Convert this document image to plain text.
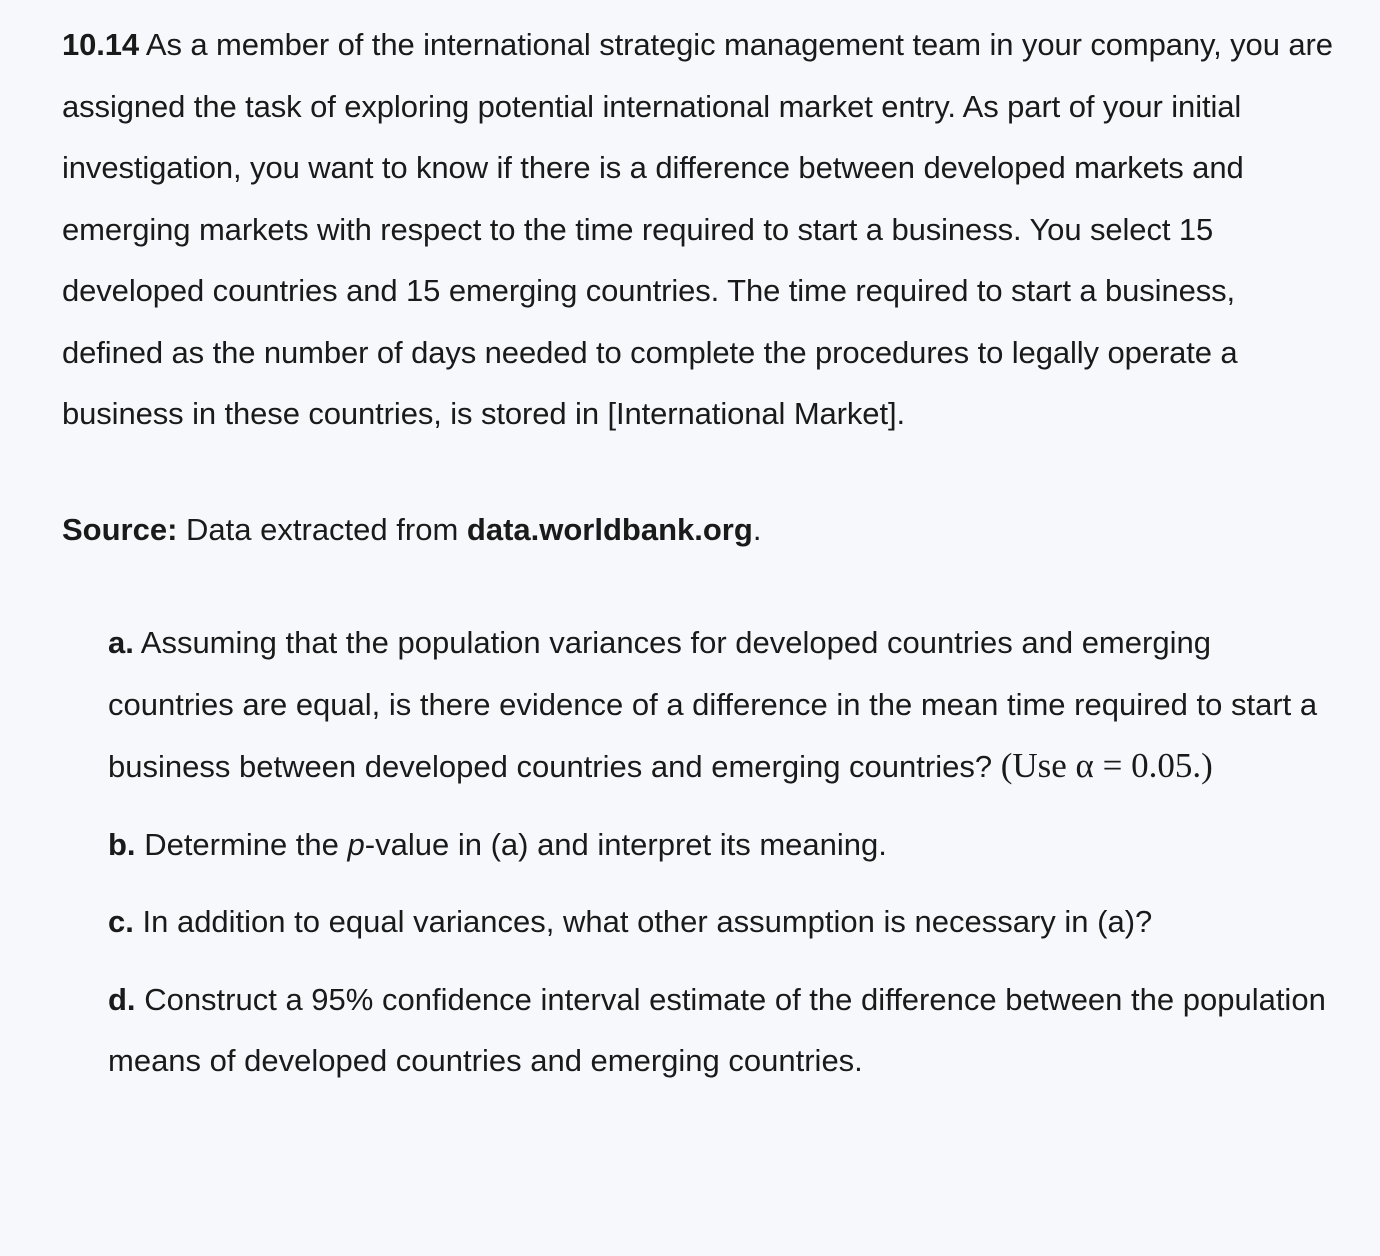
10.14 As a member of the international strategic management team in your company, you are assigned the task of exploring potential international market entry. As part of your initial investigation, you want to know if there is a difference between developed markets and emerging markets with respect to the time required to start a business. You select 15 developed countries and 15 emerging countries. The time required to start a business, defined as the number of days needed to complete the procedures to legally operate a business in these countries, is stored in [International Market].

Source: Data extracted from data.worldbank.org.

a. Assuming that the population variances for developed countries and emerging countries are equal, is there evidence of a difference in the mean time required to start a business between developed countries and emerging countries? (Use α = 0.05.)
b. Determine the p-value in (a) and interpret its meaning.
c. In addition to equal variances, what other assumption is necessary in (a)?
d. Construct a 95% confidence interval estimate of the difference between the population means of developed countries and emerging countries.
